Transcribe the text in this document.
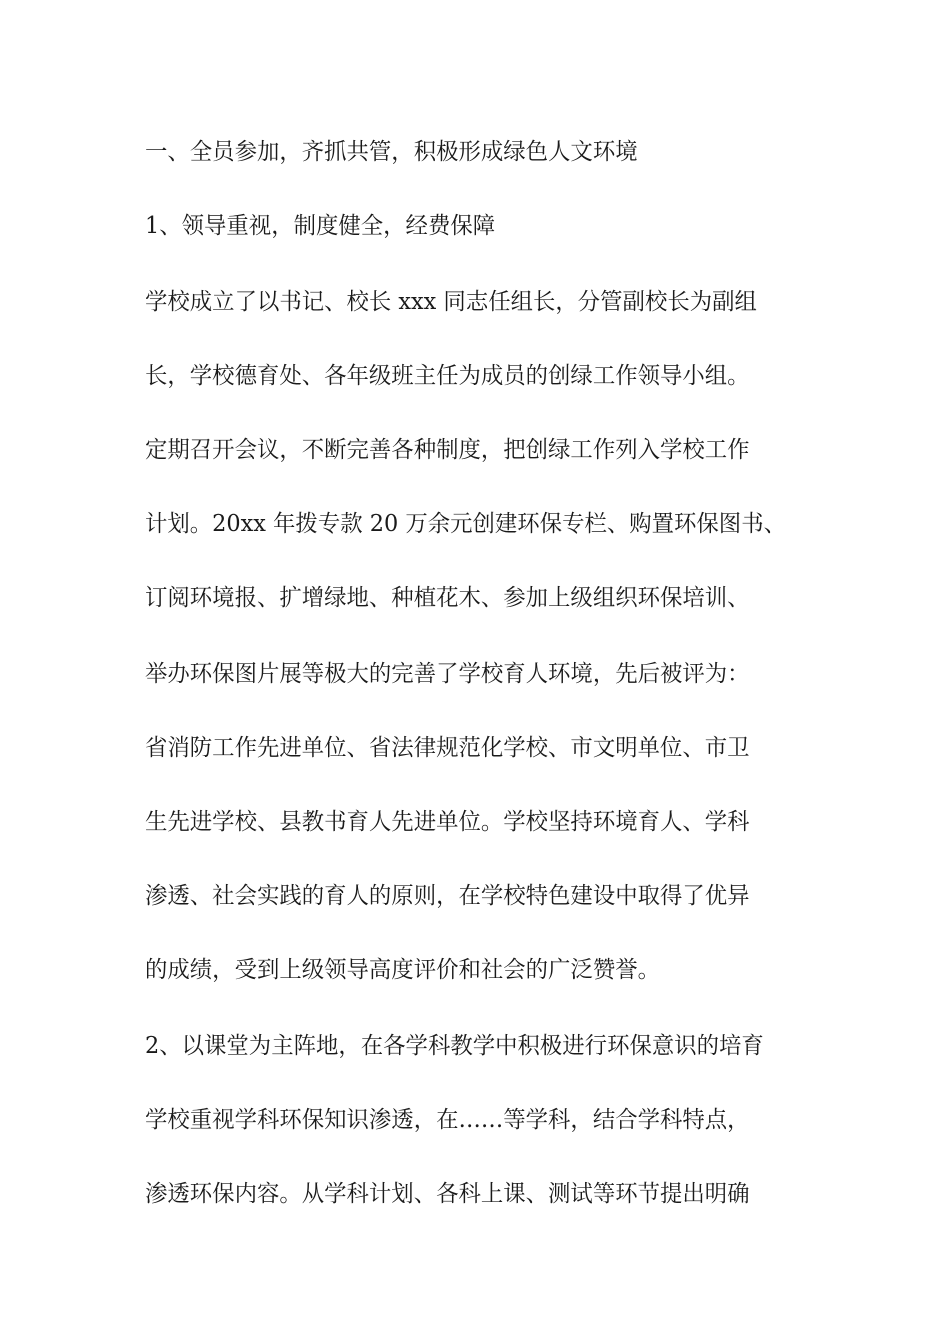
一、全员参加，齐抓共管，积极形成绿色人文环境
1、领导重视，制度健全，经费保障
学校成立了以书记、校长 xxx 同志任组长，分管副校长为副组
长，学校德育处、各年级班主任为成员的创绿工作领导小组。
定期召开会议，不断完善各种制度，把创绿工作列入学校工作
计划。20xx 年拨专款 20 万余元创建环保专栏、购置环保图书、
订阅环境报、扩增绿地、种植花木、参加上级组织环保培训、
举办环保图片展等极大的完善了学校育人环境，先后被评为：
省消防工作先进单位、省法律规范化学校、市文明单位、市卫
生先进学校、县教书育人先进单位。学校坚持环境育人、学科
渗透、社会实践的育人的原则，在学校特色建设中取得了优异
的成绩，受到上级领导高度评价和社会的广泛赞誉。
2、以课堂为主阵地，在各学科教学中积极进行环保意识的培育
学校重视学科环保知识渗透，在……等学科，结合学科特点，
渗透环保内容。从学科计划、各科上课、测试等环节提出明确
